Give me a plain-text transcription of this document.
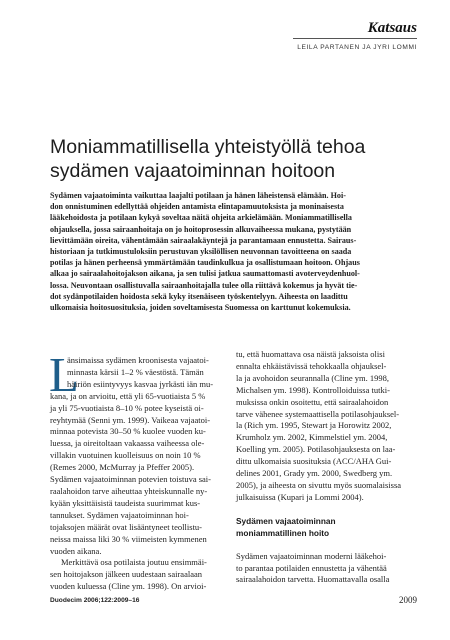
Katsaus
LEILA PARTANEN JA JYRI LOMMI
Moniammatillisella yhteistyöllä tehoa
sydämen vajaatoiminnan hoitoon
Sydämen vajaatoiminta vaikuttaa laajalti potilaan ja hänen läheistensä elämään. Hoi-
don onnistuminen edellyttää ohjeiden antamista elintapamuutoksista ja moninaisesta
lääkehoidosta ja potilaan kykyä soveltaa näitä ohjeita arkielämään. Moniammatillisella
ohjauksella, jossa sairaanhoitaja on jo hoitoprosessin alkuvaiheessa mukana, pystytään
lievittämään oireita, vähentämään sairaalakäyntejä ja parantamaan ennustetta. Sairaus-
historiaan ja tutkimustuloksiin perustuvan yksilöllisen neuvonnan tavoitteena on saada
potilas ja hänen perheensä ymmärtämään taudinkulkua ja osallistumaan hoitoon. Ohjaus
alkaa jo sairaalahoitojakson aikana, ja sen tulisi jatkua saumattomasti avoterveydenhuol-
lossa. Neuvontaan osallistuvalla sairaanhoitajalla tulee olla riittävä kokemus ja hyvät tie-
dot sydänpotilaiden hoidosta sekä kyky itsenäiseen työskentelyyn. Aiheesta on laadittu
ulkomaisia hoitosuosituksia, joiden soveltamisesta Suomessa on karttunut kokemuksia.
L
änsimaissa sydämen kroonisesta vajaatoi-
minnasta kärsii 1–2 % väestöstä. Tämän
häiriön esiintyvyys kasvaa jyrkästi iän mu-
kana, ja on arvioitu, että yli 65-vuotiaista 5 %
ja yli 75-vuotiaista 8–10 % potee kyseistä oi-
reyhtymää (Senni ym. 1999). Vaikeaa vajaatoi-
minnaa potevista 30–50 % kuolee vuoden ku-
luessa, ja oireitoltaan vakaassa vaiheessa ole-
villakin vuotuinen kuolleisuus on noin 10 %
(Remes 2000, McMurray ja Pfeffer 2005).
Sydämen vajaatoiminnan potevien toistuva sai-
raalahoidon tarve aiheuttaa yhteiskunnalle ny-
kyään yksittäisistä taudeista suurimmat kus-
tannukset. Sydämen vajaatoiminnan hoi-
tojaksojen määrät ovat lisääntyneet teollistu-
neissa maissa liki 30 % viimeisten kymmenen
vuoden aikana.
Merkittävä osa potilaista joutuu ensimmäi-
sen hoitojakson jälkeen uudestaan sairaalaan
vuoden kuluessa (Cline ym. 1998). On arvioi-
tu, että huomattava osa näistä jaksoista olisi
ennalta ehkäistävissä tehokkaalla ohjauksel-
la ja avohoidon seurannalla (Cline ym. 1998,
Michalsen ym. 1998). Kontrolloiduissa tutki-
muksissa onkin osoitettu, että sairaalahoidon
tarve vähenee systemaattisella potilasohjauksel-
la (Rich ym. 1995, Stewart ja Horowitz 2002,
Krumholz ym. 2002, Kimmelstiel ym. 2004,
Koelling ym. 2005). Potilasohjauksesta on laa-
dittu ulkomaisia suosituksia (ACC/AHA Gui-
delines 2001, Grady ym. 2000, Swedberg ym.
2005), ja aiheesta on sivuttu myös suomalaisissa
julkaisuissa (Kupari ja Lommi 2004).
Sydämen vajaatoiminnan
moniammatillinen hoito
Sydämen vajaatoiminnan moderni lääkehoi-
to parantaa potilaiden ennustetta ja vähentää
sairaalahoidon tarvetta. Huomattavalla osalla
Duodecim 2006;122:2009–16	2009
